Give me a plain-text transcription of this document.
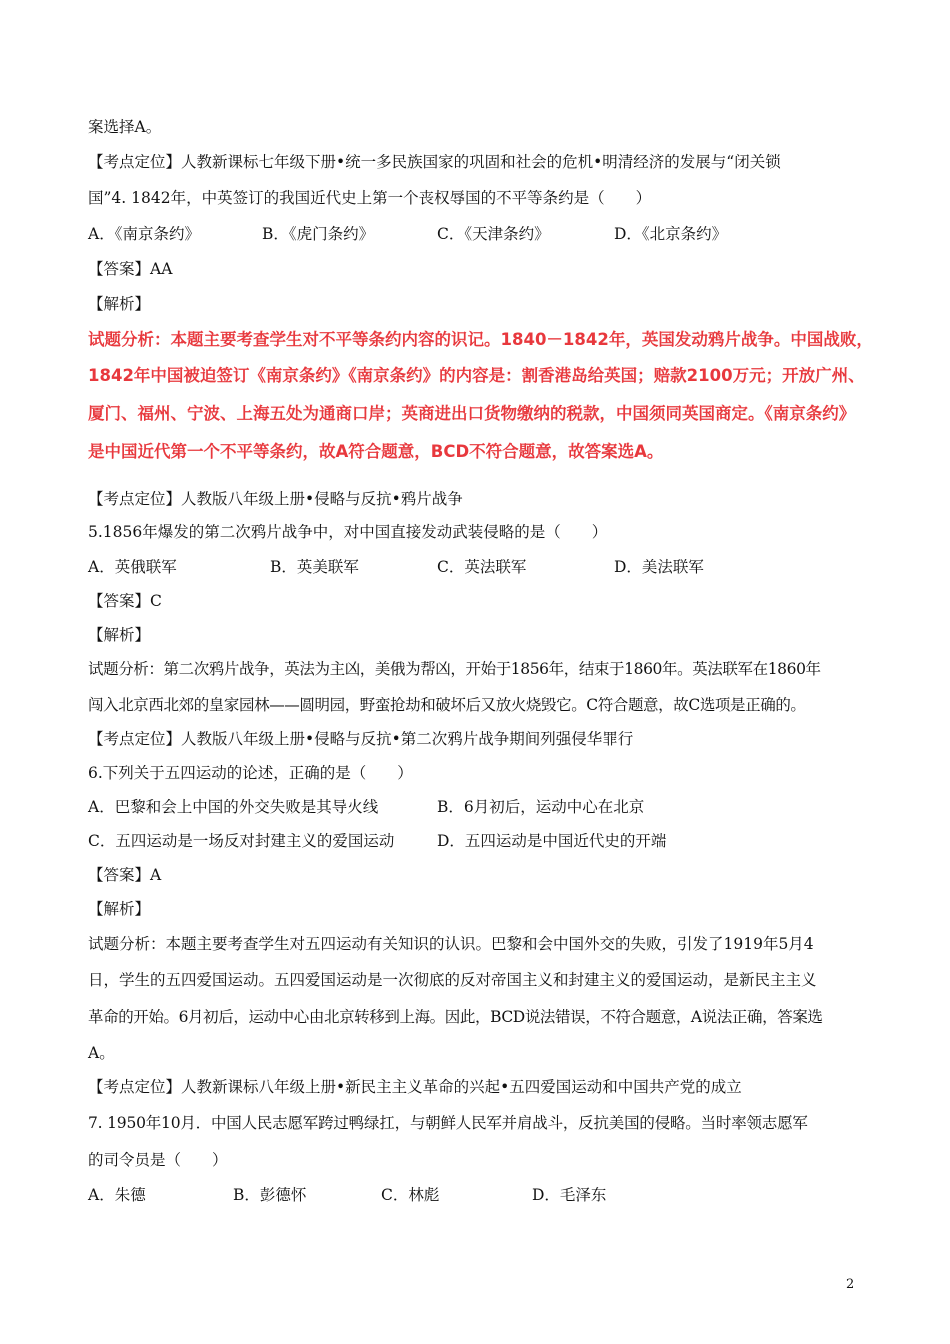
案选择A。
【考点定位】人教新课标七年级下册•统一多民族国家的巩固和社会的危机•明清经济的发展与“闭关锁
国”4. 1842年，中英签订的我国近代史上第一个丧权辱国的不平等条约是（　　）
A．《南京条约》	B．《虎门条约》	C．《天津条约》	D．《北京条约》
【答案】AA
【解析】
试题分析：本题主要考查学生对不平等条约内容的识记。1840－1842年，英国发动鸦片战争。中国战败，
1842年中国被迫签订《南京条约》《南京条约》的内容是：割香港岛给英国；赔款2100万元；开放广州、
厦门、福州、宁波、上海五处为通商口岸；英商进出口货物缴纳的税款，中国须同英国商定。《南京条约》
是中国近代第一个不平等条约，故A符合题意，BCD不符合题意，故答案选A。
【考点定位】人教版八年级上册•侵略与反抗•鸦片战争
5.1856年爆发的第二次鸦片战争中，对中国直接发动武装侵略的是（　　）
A．英俄联军	B．英美联军	C．英法联军	D．美法联军
【答案】C
【解析】
试题分析：第二次鸦片战争，英法为主凶，美俄为帮凶，开始于1856年，结束于1860年。英法联军在1860年
闯入北京西北郊的皇家园林——圆明园，野蛮抢劫和破坏后又放火烧毁它。C符合题意，故C选项是正确的。
【考点定位】人教版八年级上册•侵略与反抗•第二次鸦片战争期间列强侵华罪行
6.下列关于五四运动的论述，正确的是（　　）
A．巴黎和会上中国的外交失败是其导火线	B．6月初后，运动中心在北京
C．五四运动是一场反对封建主义的爱国运动	D．五四运动是中国近代史的开端
【答案】A
【解析】
试题分析：本题主要考查学生对五四运动有关知识的认识。巴黎和会中国外交的失败，引发了1919年5月4
日，学生的五四爱国运动。五四爱国运动是一次彻底的反对帝国主义和封建主义的爱国运动，是新民主主义
革命的开始。6月初后，运动中心由北京转移到上海。因此，BCD说法错误，不符合题意，A说法正确，答案选
A。
【考点定位】人教新课标八年级上册•新民主主义革命的兴起•五四爱国运动和中国共产党的成立
7. 1950年10月．中国人民志愿军跨过鸭绿扛，与朝鲜人民军并肩战斗，反抗美国的侵略。当时率领志愿军
的司令员是（　　）
A．朱德	B．彭德怀	C．林彪	D．毛泽东
2
